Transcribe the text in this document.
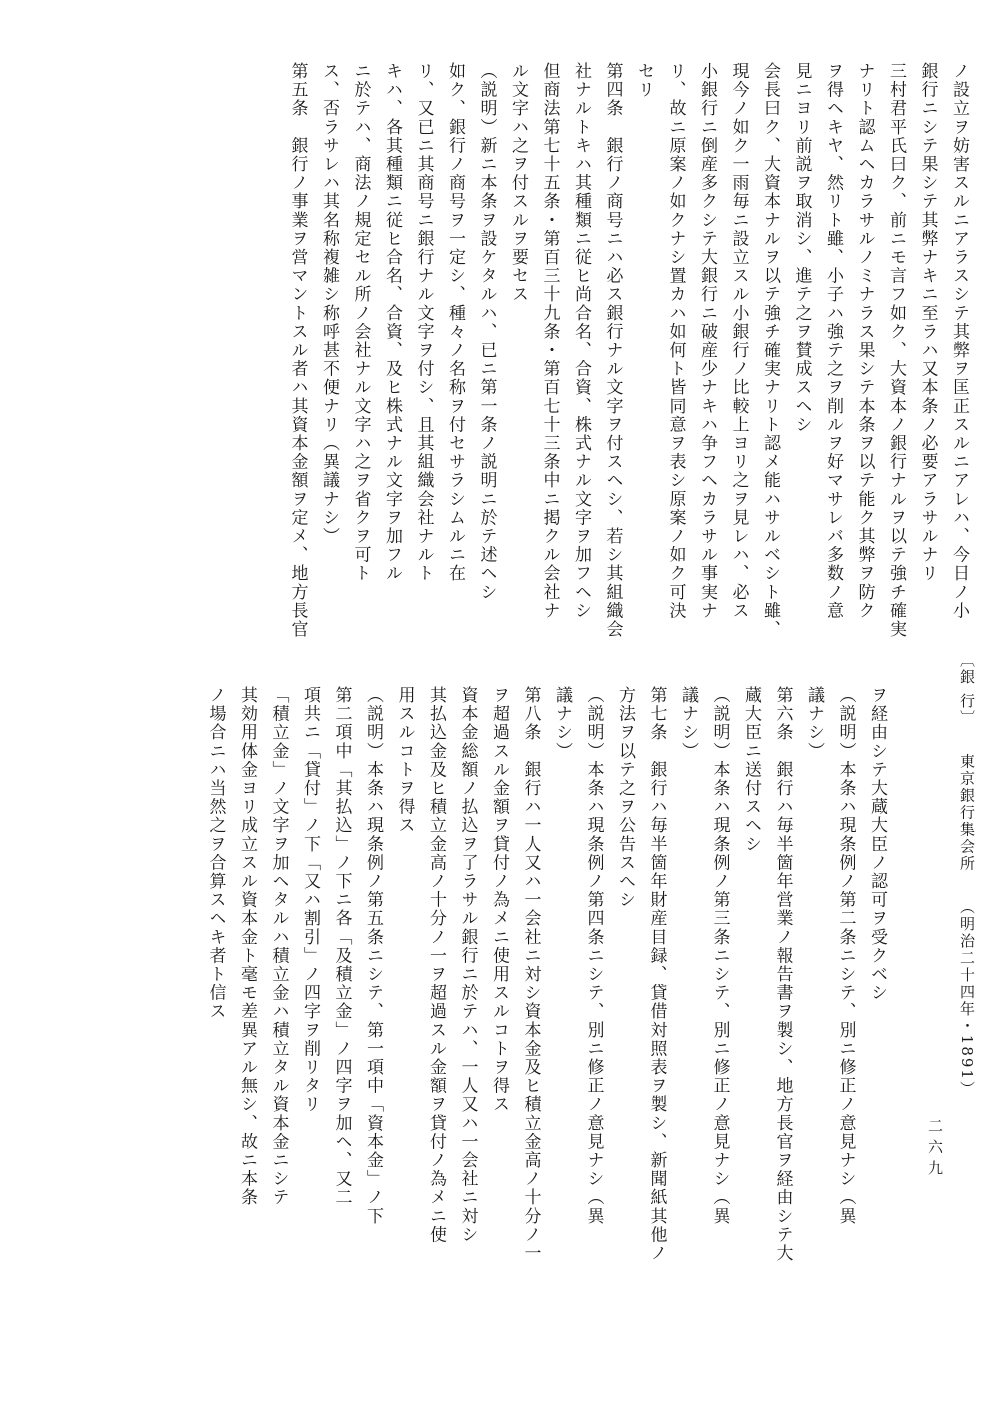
ノ設立ヲ妨害スルニアラスシテ其弊ヲ匡正スルニアレハ、今日ノ小

銀行ニシテ果シテ其弊ナキニ至ラハ又本条ノ必要アラサルナリ

三村君平氏曰ク、前ニモ言フ如ク、大資本ノ銀行ナルヲ以テ強チ確実

ナリト認ムヘカラサルノミナラス果シテ本条ヲ以テ能ク其弊ヲ防ク

ヲ得ヘキヤ、然リト雖、小子ハ強テ之ヲ削ルヲ好マサレバ多数ノ意

見ニヨリ前説ヲ取消シ、進テ之ヲ賛成スヘシ

会長曰ク、大資本ナルヲ以テ強チ確実ナリト認メ能ハサルベシト雖、

現今ノ如ク一雨毎ニ設立スル小銀行ノ比較上ヨリ之ヲ見レハ、必ス

小銀行ニ倒産多クシテ大銀行ニ破産少ナキハ争フヘカラサル事実ナ

リ、故ニ原案ノ如クナシ置カハ如何ト皆同意ヲ表シ原案ノ如ク可決

セリ

第四条　銀行ノ商号ニハ必ス銀行ナル文字ヲ付スヘシ、若シ其組織会

社ナルトキハ其種類ニ従ヒ尚合名、合資、株式ナル文字ヲ加フヘシ

但商法第七十五条・第百三十九条・第百七十三条中ニ掲クル会社ナ

ル文字ハ之ヲ付スルヲ要セス

（説明）新ニ本条ヲ設ケタルハ、已ニ第一条ノ説明ニ於テ述ヘシ

如ク、銀行ノ商号ヲ一定シ、種々ノ名称ヲ付セサラシムルニ在

リ、又已ニ其商号ニ銀行ナル文字ヲ付シ、且其組織会社ナルト

キハ、各其種類ニ従ヒ合名、合資、及ヒ株式ナル文字ヲ加フル

ニ於テハ、商法ノ規定セル所ノ会社ナル文字ハ之ヲ省クヲ可ト

ス、否ラサレハ其名称複雑シ称呼甚不便ナリ（異議ナシ）

第五条　銀行ノ事業ヲ営マントスル者ハ其資本金額ヲ定メ、地方長官

ヲ経由シテ大蔵大臣ノ認可ヲ受クベシ

（説明）本条ハ現条例ノ第二条ニシテ、別ニ修正ノ意見ナシ（異

議ナシ）

第六条　銀行ハ毎半箇年営業ノ報告書ヲ製シ、地方長官ヲ経由シテ大

蔵大臣ニ送付スヘシ

（説明）本条ハ現条例ノ第三条ニシテ、別ニ修正ノ意見ナシ（異

議ナシ）

第七条　銀行ハ毎半箇年財産目録、貸借対照表ヲ製シ、新聞紙其他ノ

方法ヲ以テ之ヲ公告スへシ

（説明）本条ハ現条例ノ第四条ニシテ、別ニ修正ノ意見ナシ（異

議ナシ）

第八条　銀行ハ一人又ハ一会社ニ対シ資本金及ヒ積立金高ノ十分ノ一

ヲ超過スル金額ヲ貸付ノ為メニ使用スルコトヲ得ス

資本金総額ノ払込ヲ了ラサル銀行ニ於テハ、一人又ハ一会社ニ対シ

其払込金及ヒ積立金高ノ十分ノ一ヲ超過スル金額ヲ貸付ノ為メニ使

用スルコトヲ得ス

（説明）本条ハ現条例ノ第五条ニシテ、第一項中「資本金」ノ下

第二項中「其払込」ノ下ニ各「及積立金」ノ四字ヲ加ヘ、又二

項共ニ「貸付」ノ下「又ハ割引」ノ四字ヲ削リタリ

「積立金」ノ文字ヲ加ヘタルハ積立金ハ積立タル資本金ニシテ

其効用体金ヨリ成立スル資本金ト毫モ差異アル無シ、故ニ本条

ノ場合ニハ当然之ヲ合算スヘキ者ト信ス

〔銀 行〕　　東京銀行集会所　　（明治二十四年・1891）
二六九
